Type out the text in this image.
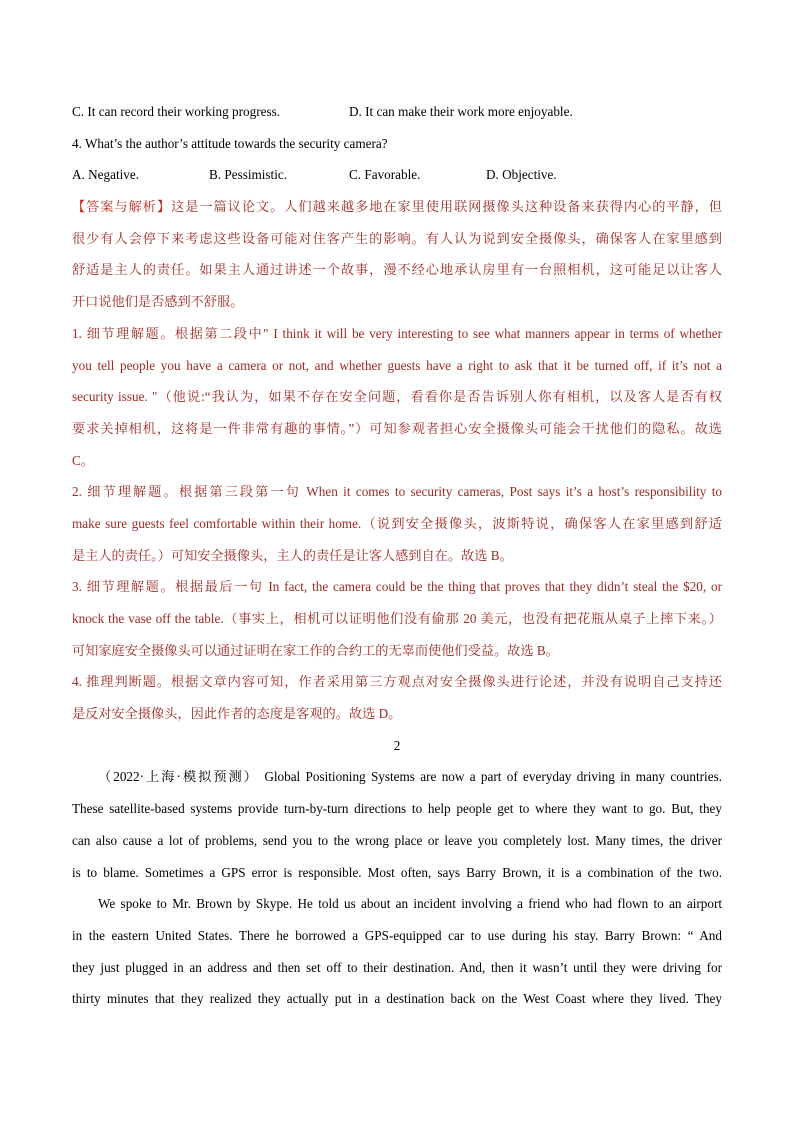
C. It can record their working progress.	D. It can make their work more enjoyable.
4. What’s the author’s attitude towards the security camera?
A. Negative.	B. Pessimistic.	C. Favorable.	D. Objective.
【答案与解析】这是一篇议论文。人们越来越多地在家里使用联网摄像头这种设备来获得内心的平静，但
很少有人会停下来考虑这些设备可能对住客产生的影响。有人认为说到安全摄像头，确保客人在家里感到
舒适是主人的责任。如果主人通过讲述一个故事，漫不经心地承认房里有一台照相机，这可能足以让客人
开口说他们是否感到不舒服。
1. 细节理解题。根据第二段中" I think it will be very interesting to see what manners appear in terms of whether
you tell people you have a camera or not, and whether guests have a right to ask that it be turned off, if it’s not a
security issue. "（他说:“我认为，如果不存在安全问题，看看你是否告诉别人你有相机，以及客人是否有权
要求关掉相机，这将是一件非常有趣的事情。”）可知参观者担心安全摄像头可能会干扰他们的隐私。故选
C。
2. 细节理解题。根据第三段第一句 When it comes to security cameras, Post says it’s a host’s responsibility to
make sure guests feel comfortable within their home.（说到安全摄像头，波斯特说，确保客人在家里感到舒适
是主人的责任。）可知安全摄像头，主人的责任是让客人感到自在。故选 B。
3. 细节理解题。根据最后一句 In fact, the camera could be the thing that proves that they didn’t steal the $20, or
knock the vase off the table.（事实上，相机可以证明他们没有偷那 20 美元，也没有把花瓶从桌子上摔下来。）
可知家庭安全摄像头可以通过证明在家工作的合约工的无辜而使他们受益。故选 B。
4. 推理判断题。根据文章内容可知，作者采用第三方观点对安全摄像头进行论述，并没有说明自己支持还
是反对安全摄像头，因此作者的态度是客观的。故选 D。
2
（2022·上海·模拟预测） Global Positioning Systems are now a part of everyday driving in many countries.
These satellite-based systems provide turn-by-turn directions to help people get to where they want to go. But, they
can also cause a lot of problems, send you to the wrong place or leave you completely lost. Many times, the driver
is to blame. Sometimes a GPS error is responsible. Most often, says Barry Brown, it is a combination of the two.
We spoke to Mr. Brown by Skype. He told us about an incident involving a friend who had flown to an airport
in the eastern United States. There he borrowed a GPS-equipped car to use during his stay. Barry Brown: “ And
they just plugged in an address and then set off to their destination. And, then it wasn’t until they were driving for
thirty minutes that they realized they actually put in a destination back on the West Coast where they lived. They
